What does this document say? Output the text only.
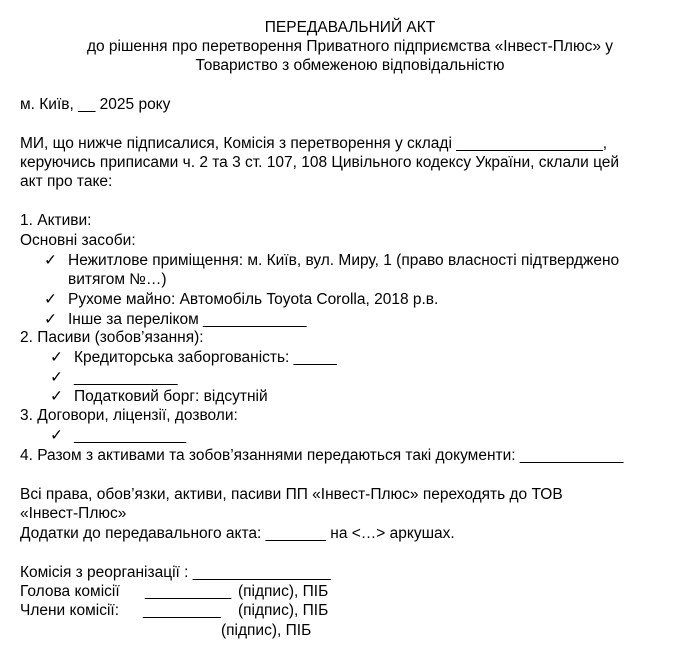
ПЕРЕДАВАЛЬНИЙ АКТ
до рішення про перетворення Приватного підприємства «Інвест-Плюс» у
Товариство з обмеженою відповідальністю
м. Київ, __ 2025 року
МИ, що нижче підписалися, Комісія з перетворення у складі _________________,
керуючись приписами ч. 2 та 3 ст. 107, 108 Цивільного кодексу України, склали цей
акт про таке:
1. Активи:
Основні засоби:
✓ Нежитлове приміщення: м. Київ, вул. Миру, 1 (право власності підтверджено
витягом №…)
✓ Рухоме майно: Автомобіль Toyota Corolla, 2018 р.в.
✓ Інше за переліком ____________
2. Пасиви (зобов’язання):
✓ Кредиторська заборгованість: _____
✓ ____________
✓ Податковий борг: відсутній
3. Договори, ліцензії, дозволи:
✓ _____________
4. Разом з активами та зобов’язаннями передаються такі документи: ____________
Всі права, обов’язки, активи, пасиви ПП «Інвест-Плюс» переходять до ТОВ
«Інвест-Плюс»
Додатки до передавального акта: _______ на <…> аркушах.
Комісія з реорганізації : ________________
Голова комісії __________ (підпис), ПІБ
Члени комісії: _________ (підпис), ПІБ
(підпис), ПІБ
